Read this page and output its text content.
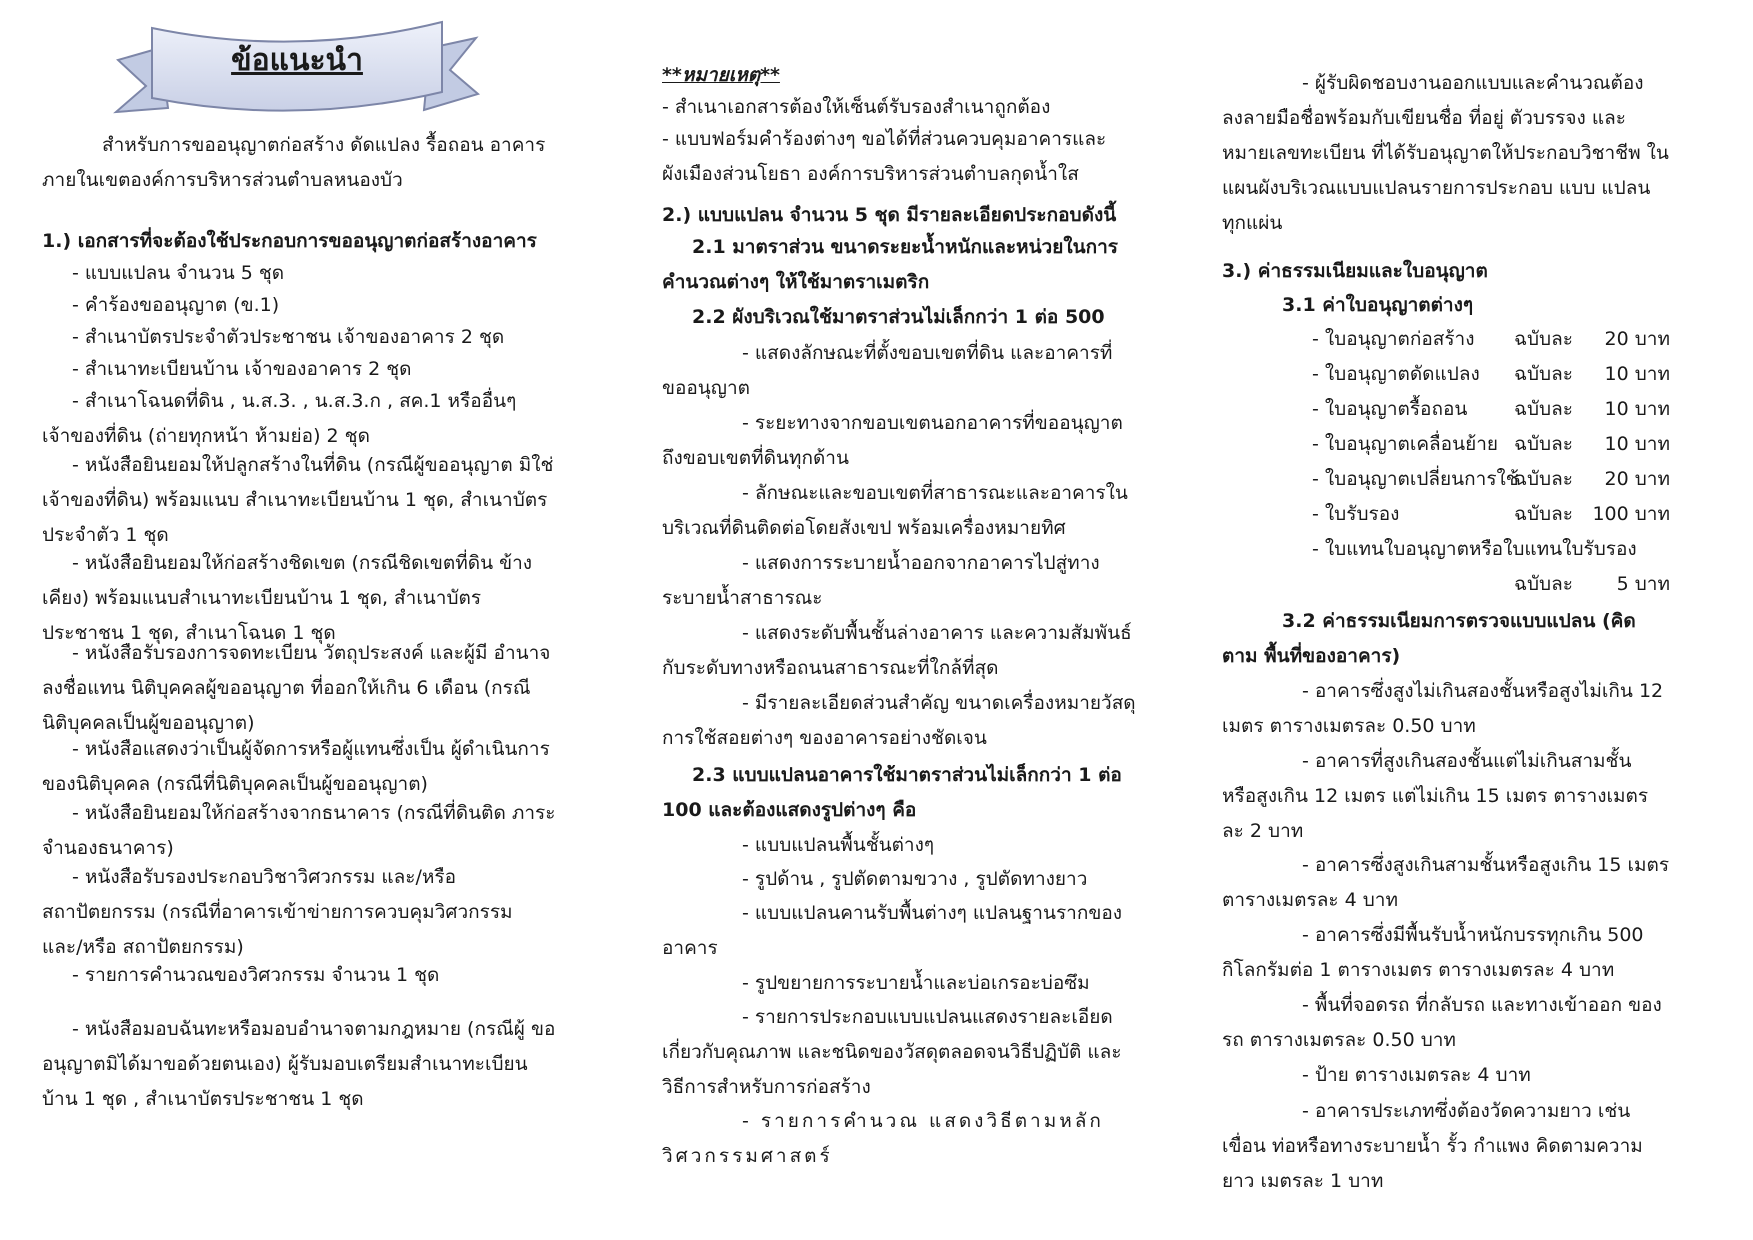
ข้อแนะนำ

สำหรับการขออนุญาตก่อสร้าง ดัดแปลง รื้อถอน อาคารภายในเขตองค์การบริหารส่วนตำบลหนองบัว

1.) เอกสารที่จะต้องใช้ประกอบการขออนุญาตก่อสร้างอาคาร

- แบบแปลน จำนวน 5 ชุด

- คำร้องขออนุญาต (ข.1)

- สำเนาบัตรประจำตัวประชาชน เจ้าของอาคาร 2 ชุด

- สำเนาทะเบียนบ้าน เจ้าของอาคาร 2 ชุด

- สำเนาโฉนดที่ดิน , น.ส.3. , น.ส.3.ก , สค.1 หรืออื่นๆ เจ้าของที่ดิน (ถ่ายทุกหน้า ห้ามย่อ) 2 ชุด

- หนังสือยินยอมให้ปลูกสร้างในที่ดิน (กรณีผู้ขออนุญาต มิใช่เจ้าของที่ดิน) พร้อมแนบ สำเนาทะเบียนบ้าน 1 ชุด, สำเนาบัตรประจำตัว 1 ชุด

- หนังสือยินยอมให้ก่อสร้างชิดเขต (กรณีชิดเขตที่ดิน ข้างเคียง) พร้อมแนบสำเนาทะเบียนบ้าน 1 ชุด, สำเนาบัตร ประชาชน 1 ชุด, สำเนาโฉนด 1 ชุด

- หนังสือรับรองการจดทะเบียน วัตถุประสงค์ และผู้มี อำนาจลงชื่อแทน นิติบุคคลผู้ขออนุญาต ที่ออกให้เกิน 6 เดือน (กรณีนิติบุคคลเป็นผู้ขออนุญาต)

- หนังสือแสดงว่าเป็นผู้จัดการหรือผู้แทนซึ่งเป็น ผู้ดำเนินการของนิติบุคคล (กรณีที่นิติบุคคลเป็นผู้ขออนุญาต)

- หนังสือยินยอมให้ก่อสร้างจากธนาคาร (กรณีที่ดินติด ภาระจำนองธนาคาร)

- หนังสือรับรองประกอบวิชาวิศวกรรม และ/หรือ สถาปัตยกรรม (กรณีที่อาคารเข้าข่ายการควบคุมวิศวกรรม และ/หรือ สถาปัตยกรรม)

- รายการคำนวณของวิศวกรรม จำนวน 1 ชุด

- หนังสือมอบฉันทะหรือมอบอำนาจตามกฎหมาย (กรณีผู้ ขออนุญาตมิได้มาขอด้วยตนเอง) ผู้รับมอบเตรียมสำเนาทะเบียน บ้าน 1 ชุด , สำเนาบัตรประชาชน 1 ชุด

**หมายเหตุ**

- สำเนาเอกสารต้องให้เซ็นต์รับรองสำเนาถูกต้อง

- แบบฟอร์มคำร้องต่างๆ ขอได้ที่ส่วนควบคุมอาคารและ ผังเมืองส่วนโยธา องค์การบริหารส่วนตำบลกุดน้ำใส

2.) แบบแปลน จำนวน 5 ชุด มีรายละเอียดประกอบดังนี้

2.1 มาตราส่วน ขนาดระยะน้ำหนักและหน่วยในการ คำนวณต่างๆ ให้ใช้มาตราเมตริก

2.2 ผังบริเวณใช้มาตราส่วนไม่เล็กกว่า 1 ต่อ 500

- แสดงลักษณะที่ตั้งขอบเขตที่ดิน และอาคารที่ ขออนุญาต

- ระยะทางจากขอบเขตนอกอาคารที่ขออนุญาต ถึงขอบเขตที่ดินทุกด้าน

- ลักษณะและขอบเขตที่สาธารณะและอาคารใน บริเวณที่ดินติดต่อโดยสังเขป พร้อมเครื่องหมายทิศ

- แสดงการระบายน้ำออกจากอาคารไปสู่ทาง ระบายน้ำสาธารณะ

- แสดงระดับพื้นชั้นล่างอาคาร และความสัมพันธ์ กับระดับทางหรือถนนสาธารณะที่ใกล้ที่สุด

- มีรายละเอียดส่วนสำคัญ ขนาดเครื่องหมายวัสดุ การใช้สอยต่างๆ ของอาคารอย่างชัดเจน

2.3 แบบแปลนอาคารใช้มาตราส่วนไม่เล็กกว่า 1 ต่อ 100 และต้องแสดงรูปต่างๆ คือ

- แบบแปลนพื้นชั้นต่างๆ

- รูปด้าน , รูปตัดตามขวาง , รูปตัดทางยาว

- แบบแปลนคานรับพื้นต่างๆ แปลนฐานรากของ อาคาร

- รูปขยายการระบายน้ำและบ่อเกรอะบ่อซึม

- รายการประกอบแบบแปลนแสดงรายละเอียด เกี่ยวกับคุณภาพ และชนิดของวัสดุตลอดจนวิธีปฏิบัติ และ วิธีการสำหรับการก่อสร้าง

- รายการคำนวณ แสดงวิธีตามหลัก วิศวกรรมศาสตร์

- ผู้รับผิดชอบงานออกแบบและคำนวณต้อง ลงลายมือชื่อพร้อมกับเขียนชื่อ ที่อยู่ ตัวบรรจง และ หมายเลขทะเบียน ที่ได้รับอนุญาตให้ประกอบวิชาชีพ ในแผนผังบริเวณแบบแปลนรายการประกอบ แบบ แปลนทุกแผ่น

3.) ค่าธรรมเนียมและใบอนุญาต

3.1 ค่าใบอนุญาตต่างๆ

- ใบอนุญาตก่อสร้าง ฉบับละ 20 บาท
- ใบอนุญาตดัดแปลง ฉบับละ 10 บาท
- ใบอนุญาตรื้อถอน ฉบับละ 10 บาท
- ใบอนุญาตเคลื่อนย้าย ฉบับละ 10 บาท
- ใบอนุญาตเปลี่ยนการใช้
ฉบับละ 20 บาท
- ใบรับรอง	ฉบับละ 100 บาท
- ใบแทนใบอนุญาตหรือใบแทนใบรับรอง
ฉบับละ 5 บาท

3.2 ค่าธรรมเนียมการตรวจแบบแปลน (คิดตาม พื้นที่ของอาคาร)

- อาคารซึ่งสูงไม่เกินสองชั้นหรือสูงไม่เกิน 12 เมตร ตารางเมตรละ 0.50 บาท

- อาคารที่สูงเกินสองชั้นแต่ไม่เกินสามชั้น หรือสูงเกิน 12 เมตร แต่ไม่เกิน 15 เมตร ตารางเมตร ละ 2 บาท

- อาคารซึ่งสูงเกินสามชั้นหรือสูงเกิน 15 เมตร ตารางเมตรละ 4 บาท

- อาคารซึ่งมีพื้นรับน้ำหนักบรรทุกเกิน 500 กิโลกรัมต่อ 1 ตารางเมตร ตารางเมตรละ 4 บาท

- พื้นที่จอดรถ ที่กลับรถ และทางเข้าออก ของรถ ตารางเมตรละ 0.50 บาท

- ป้าย ตารางเมตรละ 4 บาท

- อาคารประเภทซึ่งต้องวัดความยาว เช่น เขื่อน ท่อหรือทางระบายน้ำ รั้ว กำแพง คิดตามความ ยาว เมตรละ 1 บาท
